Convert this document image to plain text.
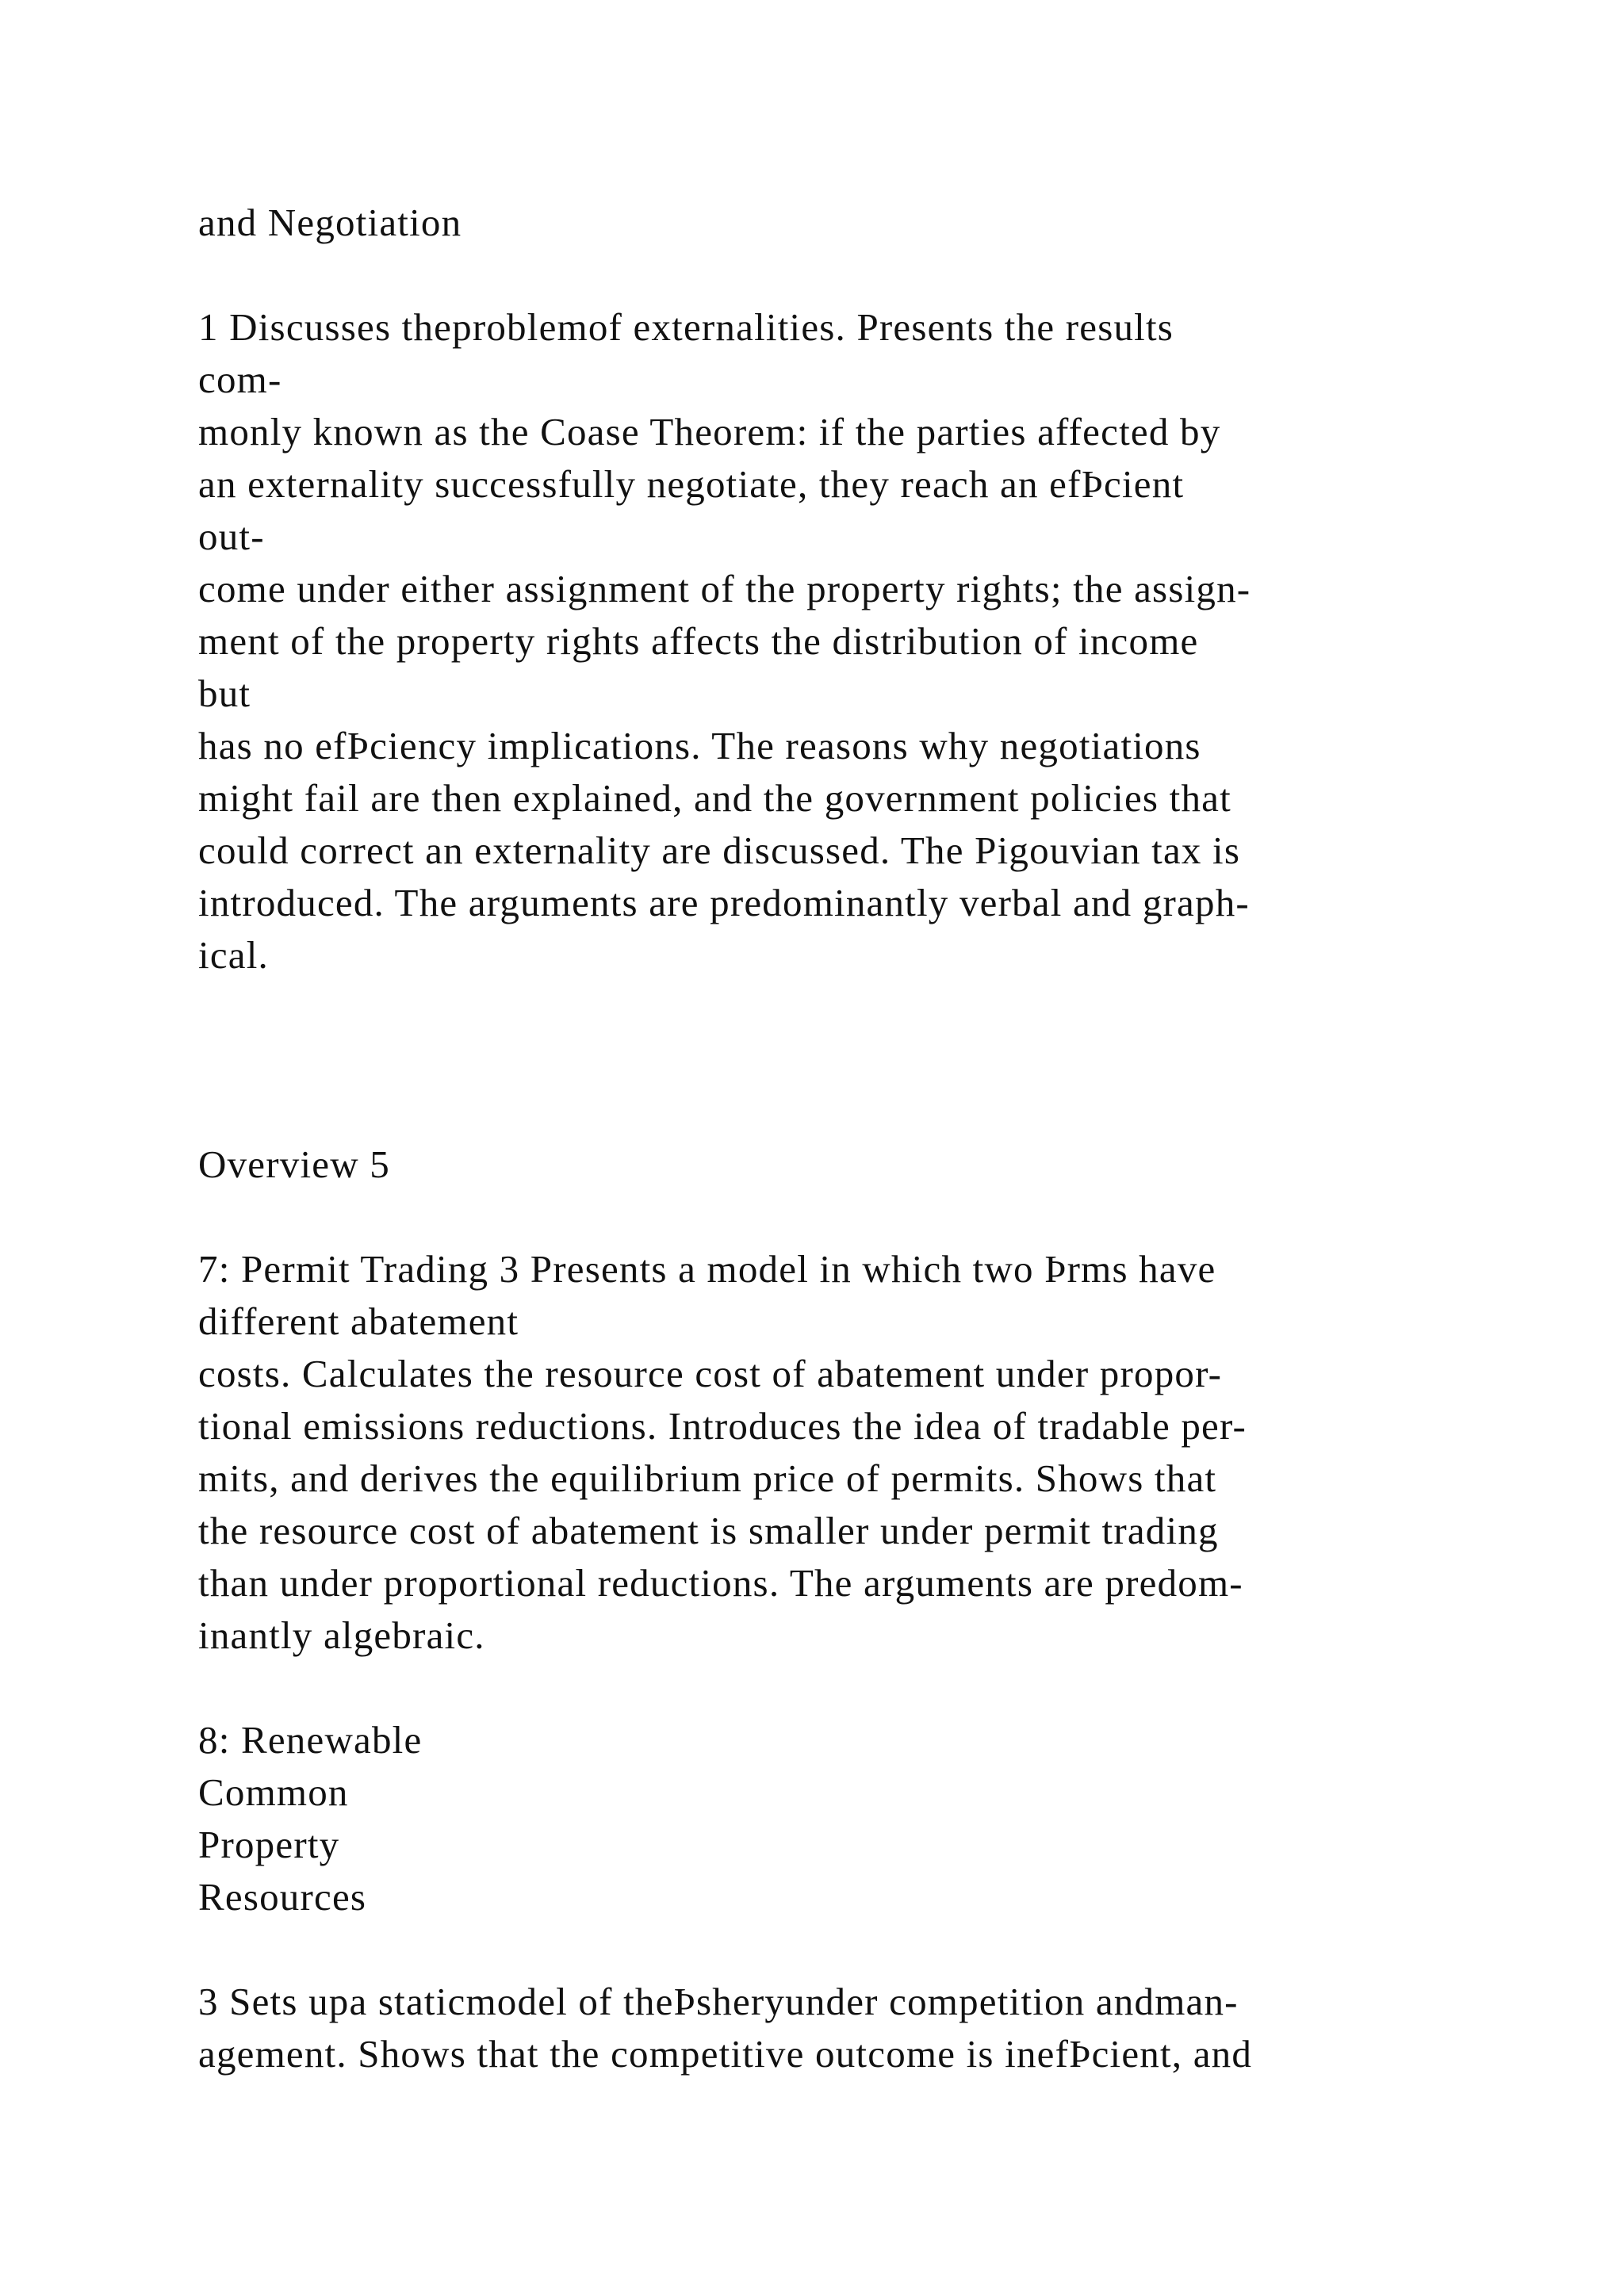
and Negotiation
1 Discusses theproblemof externalities. Presents the results
com-
monly known as the Coase Theorem: if the parties affected by
an externality successfully negotiate, they reach an efÞcient
out-
come under either assignment of the property rights; the assign-
ment of the property rights affects the distribution of income
but
has no efÞciency implications. The reasons why negotiations
might fail are then explained, and the government policies that
could correct an externality are discussed. The Pigouvian tax is
introduced. The arguments are predominantly verbal and graph-
ical.
Overview 5
7: Permit Trading 3 Presents a model in which two Þrms have
different abatement
costs. Calculates the resource cost of abatement under propor-
tional emissions reductions. Introduces the idea of tradable per-
mits, and derives the equilibrium price of permits. Shows that
the resource cost of abatement is smaller under permit trading
than under proportional reductions. The arguments are predom-
inantly algebraic.
8: Renewable
Common
Property
Resources
3 Sets upa staticmodel of theÞsheryunder competition andman-
agement. Shows that the competitive outcome is inefÞcient, and
